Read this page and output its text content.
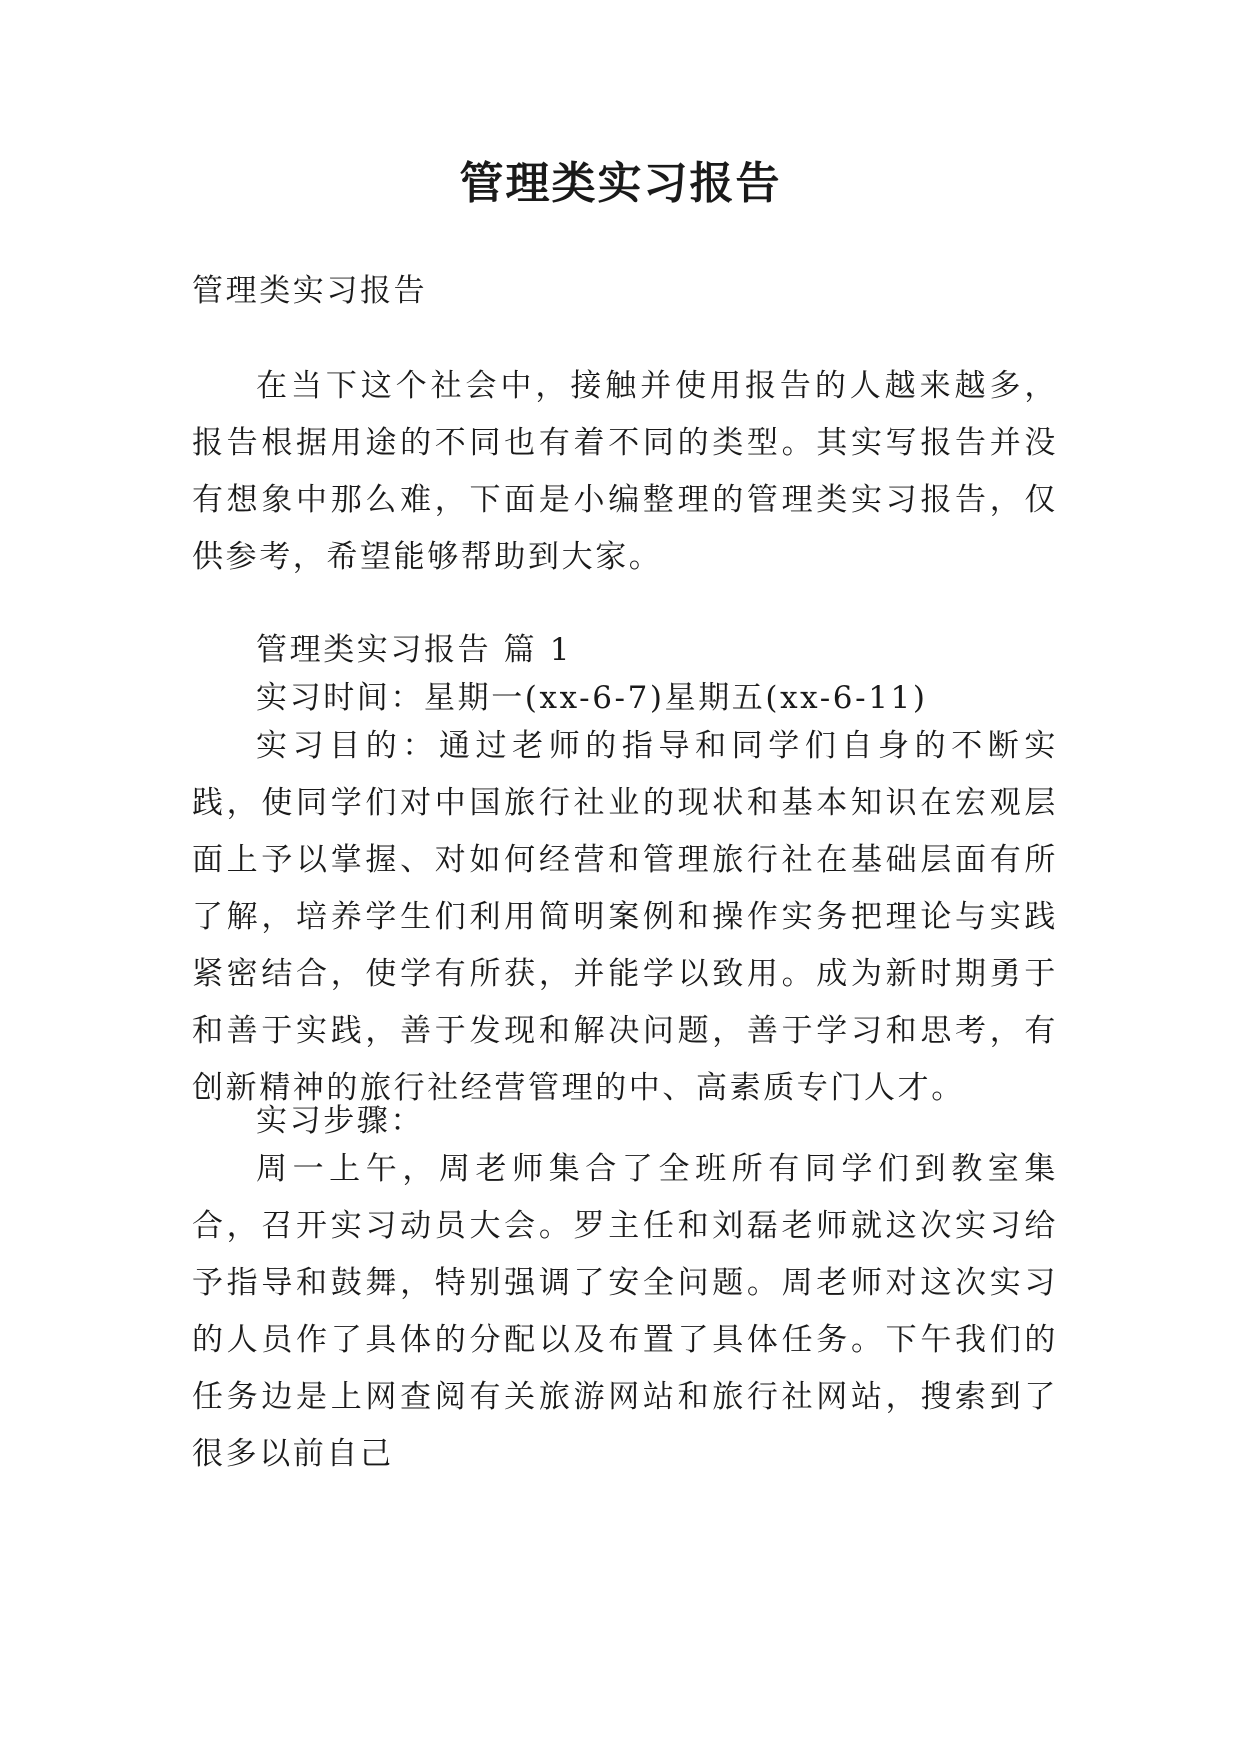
管理类实习报告

管理类实习报告

在当下这个社会中，接触并使用报告的人越来越多，报告根据用途的不同也有着不同的类型。其实写报告并没有想象中那么难，下面是小编整理的管理类实习报告，仅供参考，希望能够帮助到大家。

管理类实习报告 篇 1

实习时间：星期一(xx-6-7)星期五(xx-6-11)

实习目的：通过老师的指导和同学们自身的不断实践，使同学们对中国旅行社业的现状和基本知识在宏观层面上予以掌握、对如何经营和管理旅行社在基础层面有所了解，培养学生们利用简明案例和操作实务把理论与实践紧密结合，使学有所获，并能学以致用。成为新时期勇于和善于实践，善于发现和解决问题，善于学习和思考，有创新精神的旅行社经营管理的中、高素质专门人才。

实习步骤：

周一上午，周老师集合了全班所有同学们到教室集合，召开实习动员大会。罗主任和刘磊老师就这次实习给予指导和鼓舞，特别强调了安全问题。周老师对这次实习的人员作了具体的分配以及布置了具体任务。下午我们的任务边是上网查阅有关旅游网站和旅行社网站，搜索到了很多以前自己
